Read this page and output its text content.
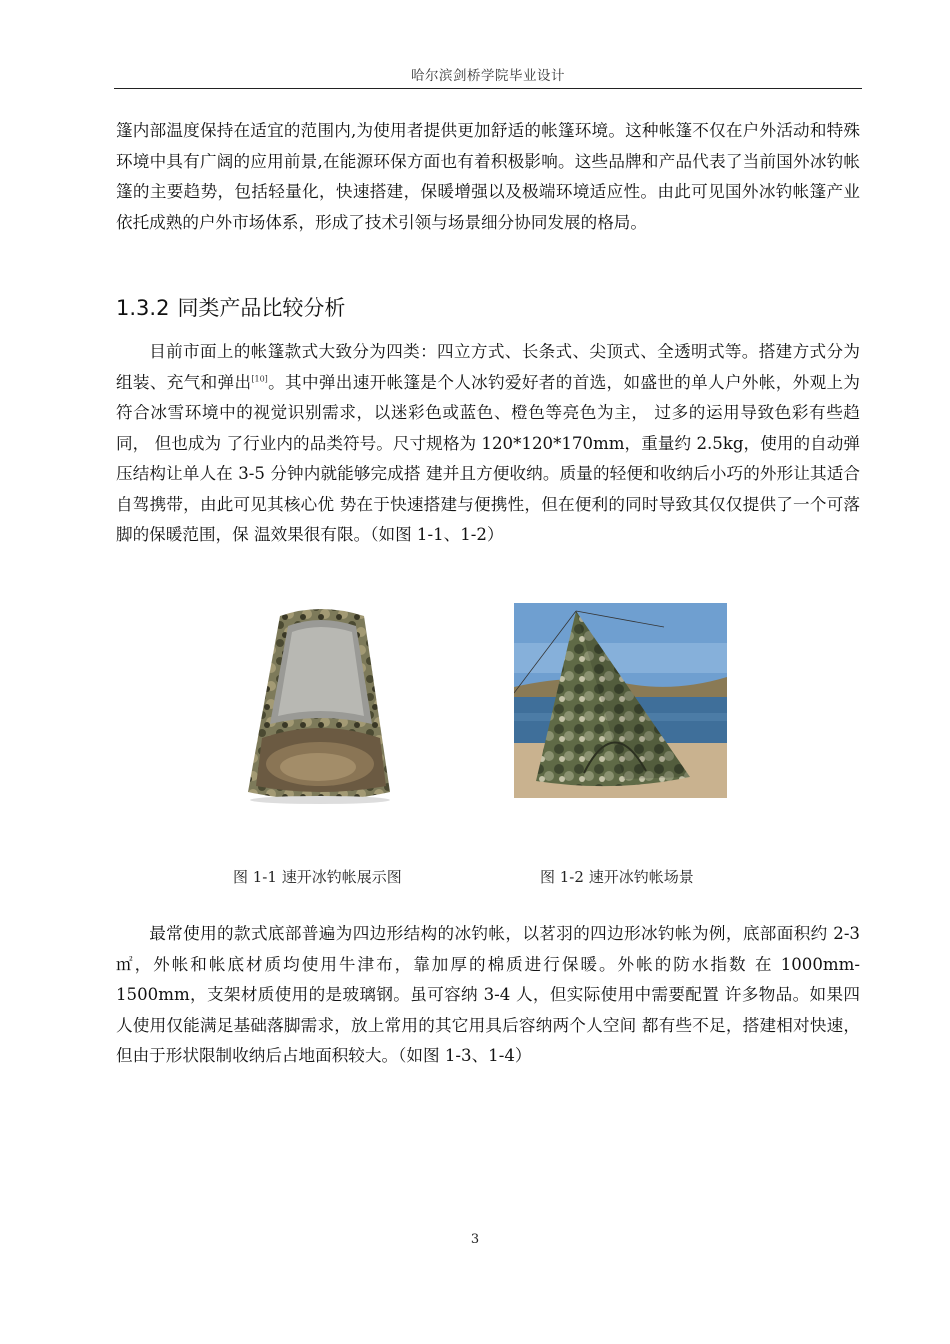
哈尔滨剑桥学院毕业设计

篷内部温度保持在适宜的范围内,为使用者提供更加舒适的帐篷环境。这种帐篷不仅在户外活动和特殊环境中具有广阔的应用前景,在能源环保方面也有着积极影响。这些品牌和产品代表了当前国外冰钓帐篷的主要趋势，包括轻量化，快速搭建，保暖增强以及极端环境适应性。由此可见国外冰钓帐篷产业依托成熟的户外市场体系，形成了技术引领与场景细分协同发展的格局。

1.3.2 同类产品比较分析

目前市面上的帐篷款式大致分为四类：四立方式、长条式、尖顶式、全透明式等。搭建方式分为组装、充气和弹出[10]。其中弹出速开帐篷是个人冰钓爱好者的首选，如盛世的单人户外帐，外观上为符合冰雪环境中的视觉识别需求，以迷彩色或蓝色、橙色等亮色为主， 过多的运用导致色彩有些趋同， 但也成为 了行业内的品类符号。尺寸规格为 120*120*170mm，重量约 2.5kg，使用的自动弹压结构让单人在 3-5 分钟内就能够完成搭 建并且方便收纳。质量的轻便和收纳后小巧的外形让其适合自驾携带，由此可见其核心优 势在于快速搭建与便携性，但在便利的同时导致其仅仅提供了一个可落脚的保暖范围，保 温效果很有限。（如图 1-1、1-2）

图 1-1 速开冰钓帐展示图	图 1-2 速开冰钓帐场景

最常使用的款式底部普遍为四边形结构的冰钓帐，以茗羽的四边形冰钓帐为例，底部面积约 2-3 ㎡，外帐和帐底材质均使用牛津布，靠加厚的棉质进行保暖。外帐的防水指数 在 1000mm-1500mm，支架材质使用的是玻璃钢。虽可容纳 3-4 人，但实际使用中需要配置 许多物品。如果四人使用仅能满足基础落脚需求，放上常用的其它用具后容纳两个人空间 都有些不足，搭建相对快速，但由于形状限制收纳后占地面积较大。（如图 1-3、1-4）

3
